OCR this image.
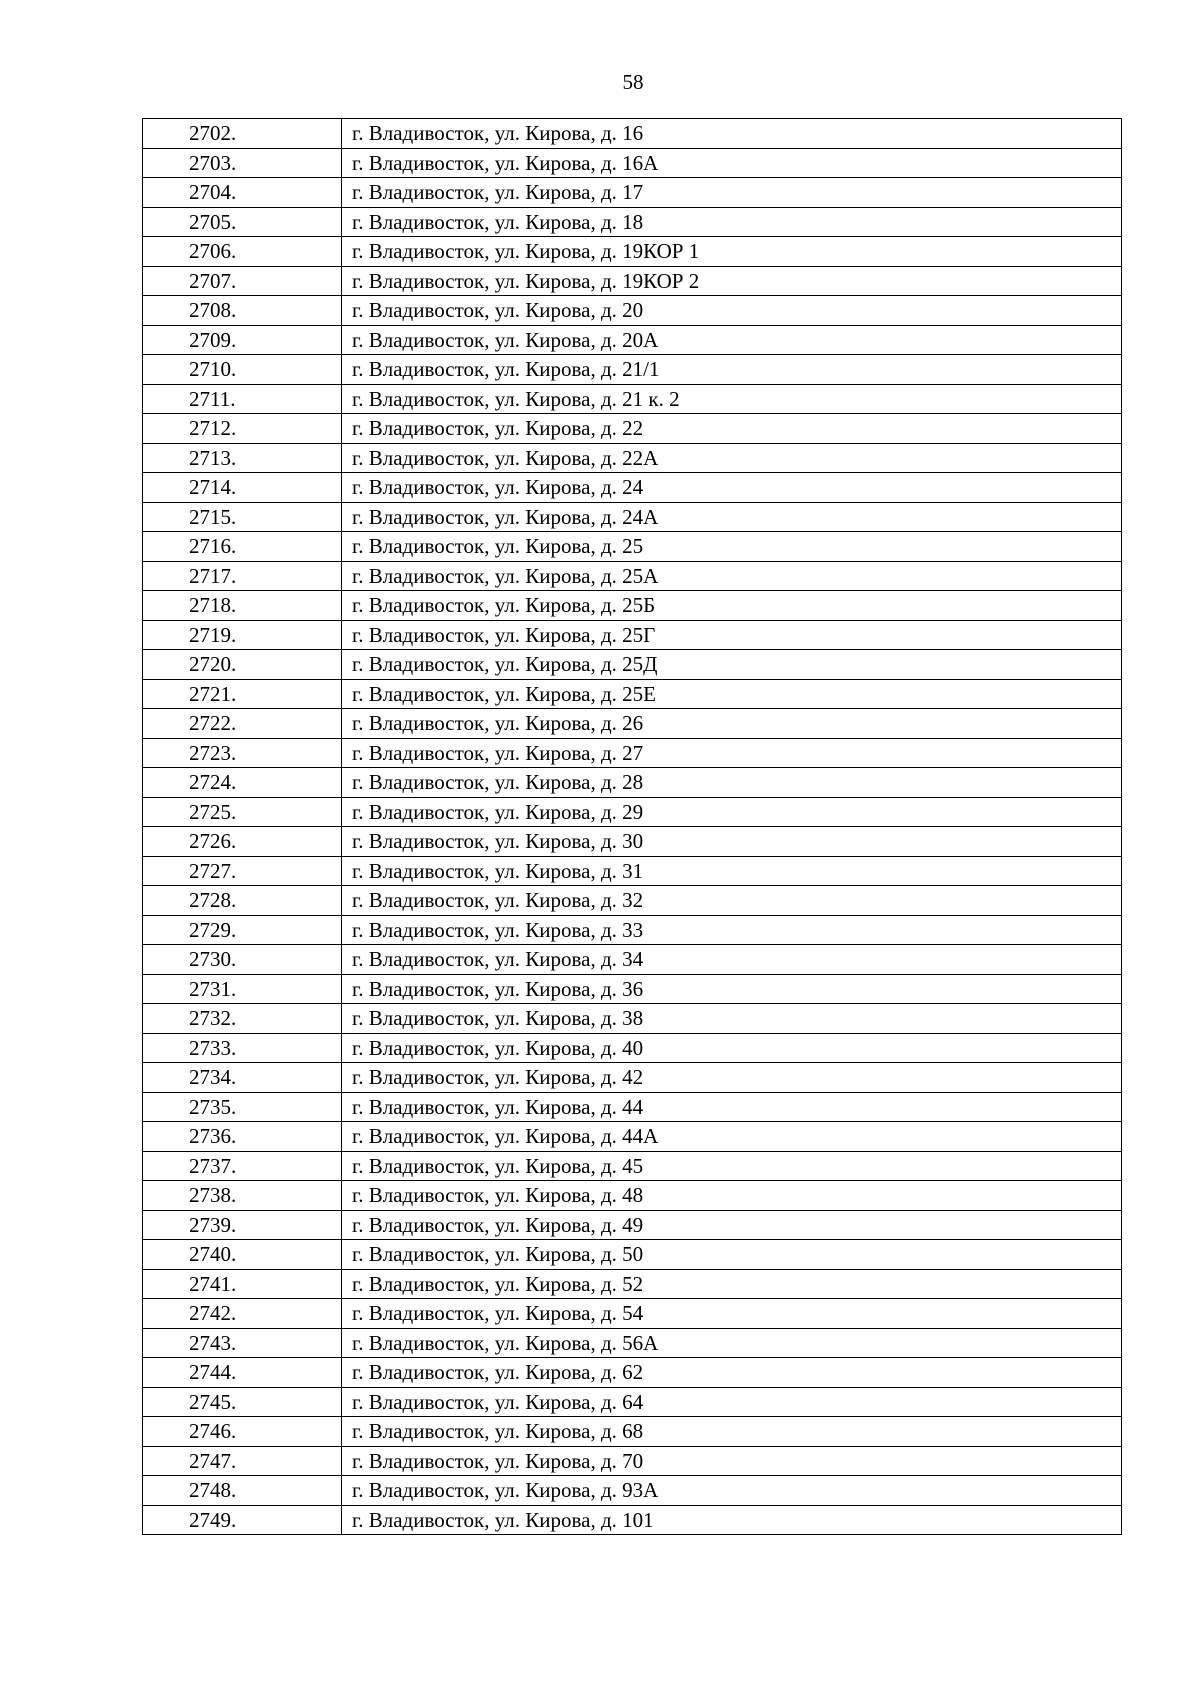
58
2702.	г. Владивосток, ул. Кирова, д. 16
2703.	г. Владивосток, ул. Кирова, д. 16А
2704.	г. Владивосток, ул. Кирова, д. 17
2705.	г. Владивосток, ул. Кирова, д. 18
2706.	г. Владивосток, ул. Кирова, д. 19КОР 1
2707.	г. Владивосток, ул. Кирова, д. 19КОР 2
2708.	г. Владивосток, ул. Кирова, д. 20
2709.	г. Владивосток, ул. Кирова, д. 20А
2710.	г. Владивосток, ул. Кирова, д. 21/1
2711.	г. Владивосток, ул. Кирова, д. 21 к. 2
2712.	г. Владивосток, ул. Кирова, д. 22
2713.	г. Владивосток, ул. Кирова, д. 22А
2714.	г. Владивосток, ул. Кирова, д. 24
2715.	г. Владивосток, ул. Кирова, д. 24А
2716.	г. Владивосток, ул. Кирова, д. 25
2717.	г. Владивосток, ул. Кирова, д. 25А
2718.	г. Владивосток, ул. Кирова, д. 25Б
2719.	г. Владивосток, ул. Кирова, д. 25Г
2720.	г. Владивосток, ул. Кирова, д. 25Д
2721.	г. Владивосток, ул. Кирова, д. 25Е
2722.	г. Владивосток, ул. Кирова, д. 26
2723.	г. Владивосток, ул. Кирова, д. 27
2724.	г. Владивосток, ул. Кирова, д. 28
2725.	г. Владивосток, ул. Кирова, д. 29
2726.	г. Владивосток, ул. Кирова, д. 30
2727.	г. Владивосток, ул. Кирова, д. 31
2728.	г. Владивосток, ул. Кирова, д. 32
2729.	г. Владивосток, ул. Кирова, д. 33
2730.	г. Владивосток, ул. Кирова, д. 34
2731.	г. Владивосток, ул. Кирова, д. 36
2732.	г. Владивосток, ул. Кирова, д. 38
2733.	г. Владивосток, ул. Кирова, д. 40
2734.	г. Владивосток, ул. Кирова, д. 42
2735.	г. Владивосток, ул. Кирова, д. 44
2736.	г. Владивосток, ул. Кирова, д. 44А
2737.	г. Владивосток, ул. Кирова, д. 45
2738.	г. Владивосток, ул. Кирова, д. 48
2739.	г. Владивосток, ул. Кирова, д. 49
2740.	г. Владивосток, ул. Кирова, д. 50
2741.	г. Владивосток, ул. Кирова, д. 52
2742.	г. Владивосток, ул. Кирова, д. 54
2743.	г. Владивосток, ул. Кирова, д. 56А
2744.	г. Владивосток, ул. Кирова, д. 62
2745.	г. Владивосток, ул. Кирова, д. 64
2746.	г. Владивосток, ул. Кирова, д. 68
2747.	г. Владивосток, ул. Кирова, д. 70
2748.	г. Владивосток, ул. Кирова, д. 93А
2749.	г. Владивосток, ул. Кирова, д. 101
